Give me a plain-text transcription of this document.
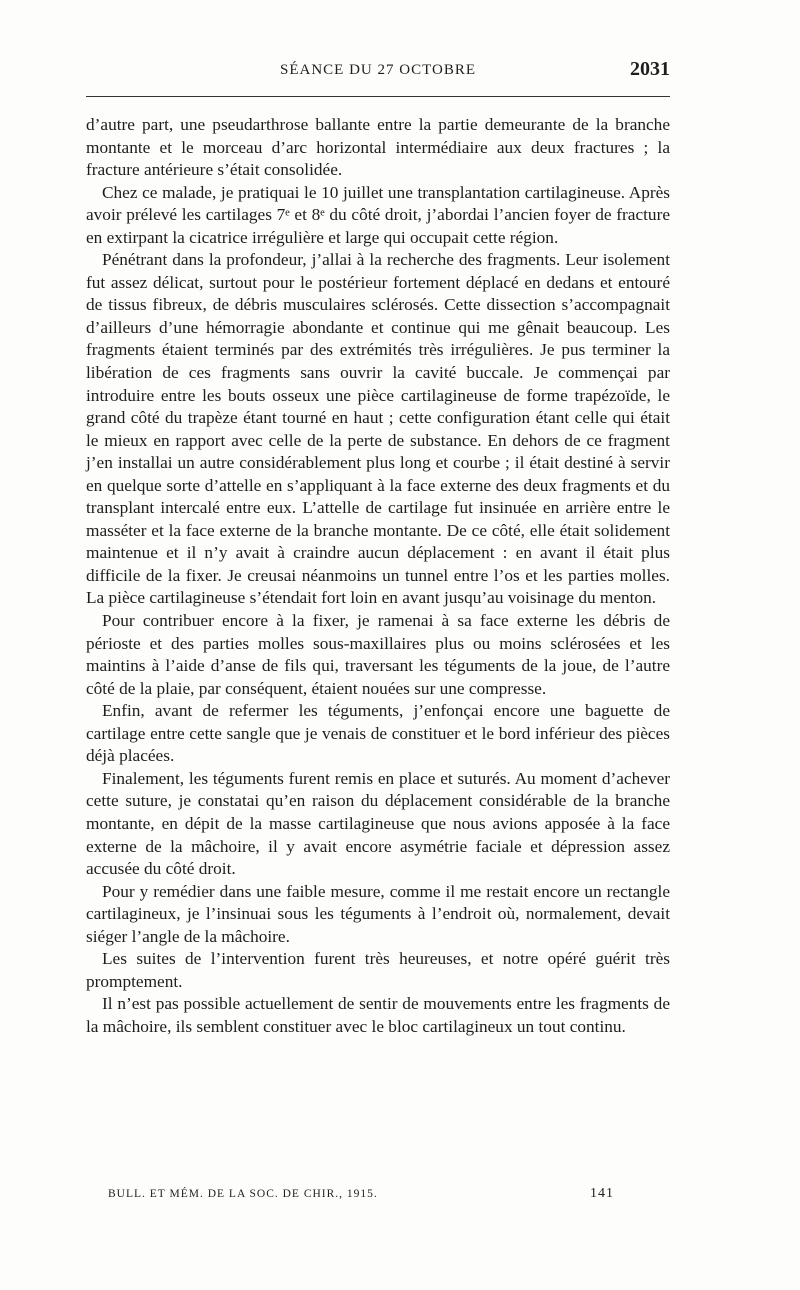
SÉANCE DU 27 OCTOBRE	2031

d’autre part, une pseudarthrose ballante entre la partie demeurante de la branche montante et le morceau d’arc horizontal intermédiaire aux deux fractures ; la fracture antérieure s’était consolidée.

Chez ce malade, je pratiquai le 10 juillet une transplantation cartilagineuse. Après avoir prélevé les cartilages 7ᵉ et 8ᵉ du côté droit, j’abordai l’ancien foyer de fracture en extirpant la cicatrice irrégulière et large qui occupait cette région.

Pénétrant dans la profondeur, j’allai à la recherche des fragments. Leur isolement fut assez délicat, surtout pour le postérieur fortement déplacé en dedans et entouré de tissus fibreux, de débris musculaires sclérosés. Cette dissection s’accompagnait d’ailleurs d’une hémorragie abondante et continue qui me gênait beaucoup. Les fragments étaient terminés par des extrémités très irrégulières. Je pus terminer la libération de ces fragments sans ouvrir la cavité buccale. Je commençai par introduire entre les bouts osseux une pièce cartilagineuse de forme trapézoïde, le grand côté du trapèze étant tourné en haut ; cette configuration étant celle qui était le mieux en rapport avec celle de la perte de substance. En dehors de ce fragment j’en installai un autre considérablement plus long et courbe ; il était destiné à servir en quelque sorte d’attelle en s’appliquant à la face externe des deux fragments et du transplant intercalé entre eux. L’attelle de cartilage fut insinuée en arrière entre le masséter et la face externe de la branche montante. De ce côté, elle était solidement maintenue et il n’y avait à craindre aucun déplacement : en avant il était plus difficile de la fixer. Je creusai néanmoins un tunnel entre l’os et les parties molles. La pièce cartilagineuse s’étendait fort loin en avant jusqu’au voisinage du menton.

Pour contribuer encore à la fixer, je ramenai à sa face externe les débris de périoste et des parties molles sous-maxillaires plus ou moins sclérosées et les maintins à l’aide d’anse de fils qui, traversant les téguments de la joue, de l’autre côté de la plaie, par conséquent, étaient nouées sur une compresse.

Enfin, avant de refermer les téguments, j’enfonçai encore une baguette de cartilage entre cette sangle que je venais de constituer et le bord inférieur des pièces déjà placées.

Finalement, les téguments furent remis en place et suturés. Au moment d’achever cette suture, je constatai qu’en raison du déplacement considérable de la branche montante, en dépit de la masse cartilagineuse que nous avions apposée à la face externe de la mâchoire, il y avait encore asymétrie faciale et dépression assez accusée du côté droit.

Pour y remédier dans une faible mesure, comme il me restait encore un rectangle cartilagineux, je l’insinuai sous les téguments à l’endroit où, normalement, devait siéger l’angle de la mâchoire.

Les suites de l’intervention furent très heureuses, et notre opéré guérit très promptement.

Il n’est pas possible actuellement de sentir de mouvements entre les fragments de la mâchoire, ils semblent constituer avec le bloc cartilagineux un tout continu.

BULL. ET MÉM. DE LA SOC. DE CHIR., 1915.	141
